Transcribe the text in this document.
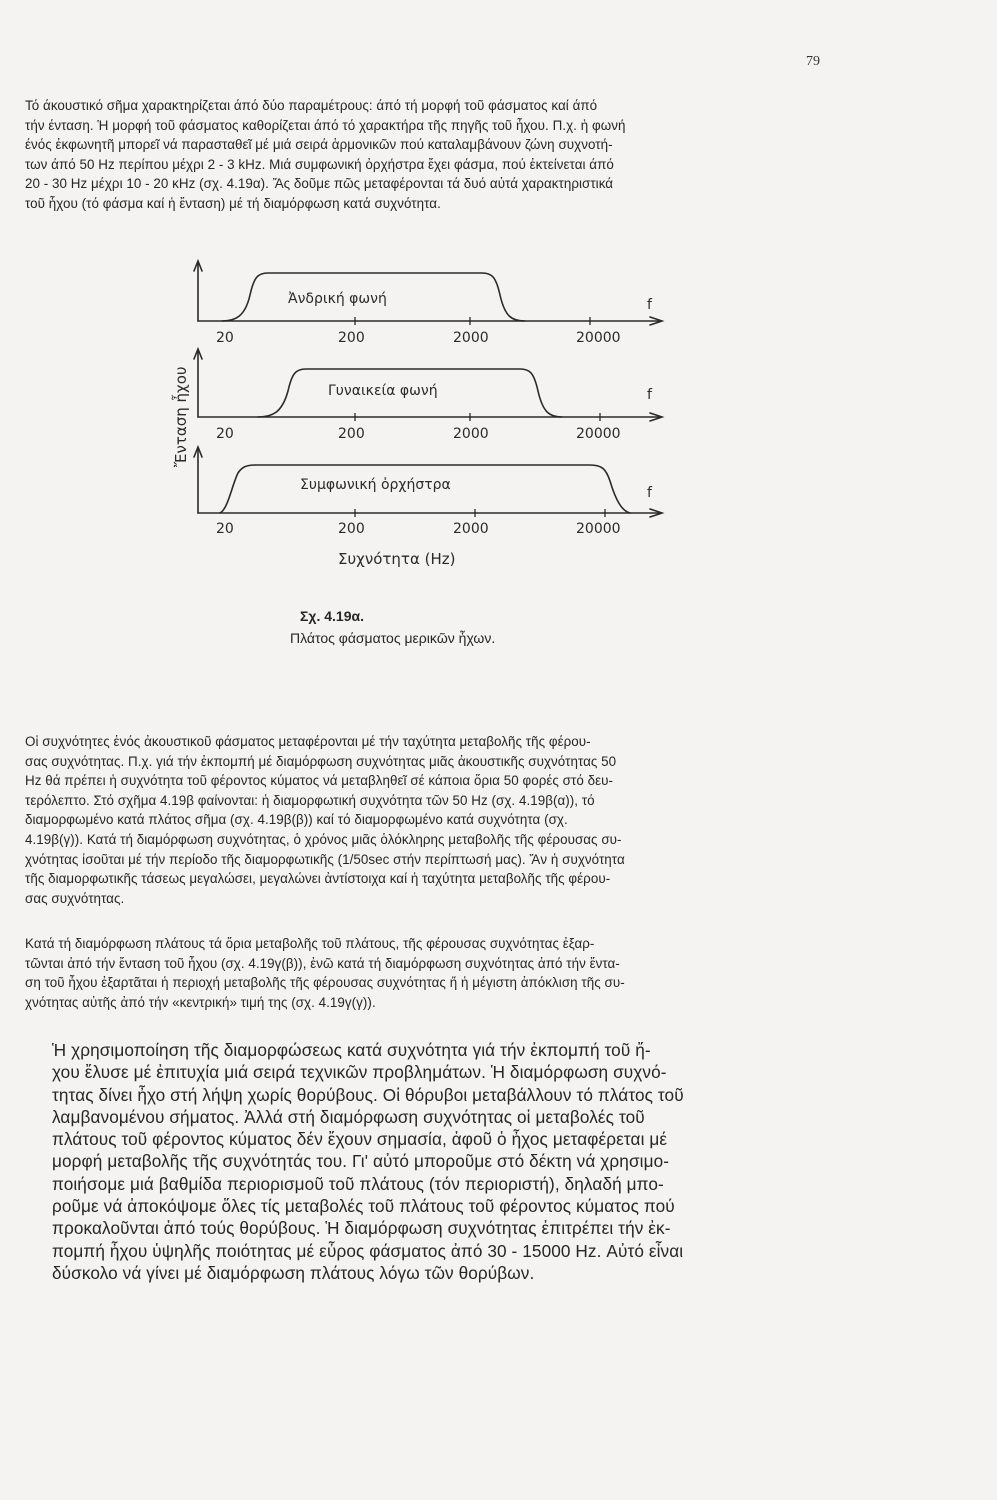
79

Τό άκουστικό σῆμα χαρακτηρίζεται άπό δύο παραμέτρους: άπό τή μορφή τοῦ φάσματος καί άπό
τήν ένταση. Ἡ μορφή τοῦ φάσματος καθορίζεται άπό τό χαρακτήρα τῆς πηγῆς τοῦ ἦχου. Π.χ. ἡ φωνή
ένός ἐκφωνητῆ μπορεῖ νά παρασταθεῖ μέ μιά σειρά ἁρμονικῶν πού καταλαμβάνουν ζώνη συχνοτή-
των άπό 50 Hz περίπου μέχρι 2 - 3 kHz. Μιά συμφωνική ὀρχήστρα ἔχει φάσμα, πού ἐκτείνεται άπό
20 - 30 Hz μέχρι 10 - 20 κHz (σχ. 4.19α). Ἄς δοῦμε πῶς μεταφέρονται τά δυό αὐτά χαρακτηριστικά
τοῦ ἦχου (τό φάσμα καί ἡ ἔνταση) μέ τή διαμόρφωση κατά συχνότητα.

Ἀνδρική φωνή
Γυναικεία φωνή
Συμφωνική ὀρχήστρα
f
f
f
20	200	2000	20000
20	200	2000	20000
20	200	2000	20000
Ἔνταση ἦχου
Συχνότητα (Hz)
Σχ. 4.19α.
Πλάτος φάσματος μερικῶν ἦχων.

Οἱ συχνότητες ἑνός ἀκουστικοῦ φάσματος μεταφέρονται μέ τήν ταχύτητα μεταβολῆς τῆς φέρου-
σας συχνότητας. Π.χ. γιά τήν ἐκπομπή μέ διαμόρφωση συχνότητας μιᾶς ἀκουστικῆς συχνότητας 50
Hz θά πρέπει ἡ συχνότητα τοῦ φέροντος κύματος νά μεταβληθεῖ σέ κάποια ὅρια 50 φορές στό δευ-
τερόλεπτο. Στό σχῆμα 4.19β φαίνονται: ἡ διαμορφωτική συχνότητα τῶν 50 Hz (σχ. 4.19β(α)), τό
διαμορφωμένο κατά πλάτος σῆμα (σχ. 4.19β(β)) καί τό διαμορφωμένο κατά συχνότητα (σχ.
4.19β(γ)). Κατά τή διαμόρφωση συχνότητας, ὁ χρόνος μιᾶς ὁλόκληρης μεταβολῆς τῆς φέρουσας συ-
χνότητας ἰσοῦται μέ τήν περίοδο τῆς διαμορφωτικῆς (1/50sec στήν περίπτωσή μας). Ἄν ἡ συχνότητα
τῆς διαμορφωτικῆς τάσεως μεγαλώσει, μεγαλώνει ἀντίστοιχα καί ἡ ταχύτητα μεταβολῆς τῆς φέρου-
σας συχνότητας.

Κατά τή διαμόρφωση πλάτους τά ὅρια μεταβολῆς τοῦ πλάτους, τῆς φέρουσας συχνότητας ἐξαρ-
τῶνται ἀπό τήν ἔνταση τοῦ ἦχου (σχ. 4.19γ(β)), ἐνῶ κατά τή διαμόρφωση συχνότητας ἀπό τήν ἔντα-
ση τοῦ ἦχου ἐξαρτᾶται ἡ περιοχή μεταβολῆς τῆς φέρουσας συχνότητας ἤ ἡ μέγιστη ἀπόκλιση τῆς συ-
χνότητας αὐτῆς ἀπό τήν «κεντρική» τιμή της (σχ. 4.19γ(γ)).

Ἡ χρησιμοποίηση τῆς διαμορφώσεως κατά συχνότητα γιά τήν ἐκπομπή τοῦ ἤ-
χου ἔλυσε μέ ἐπιτυχία μιά σειρά τεχνικῶν προβλημάτων. Ἡ διαμόρφωση συχνό-
τητας δίνει ἦχο στή λήψη χωρίς θορύβους. Οἱ θόρυβοι μεταβάλλουν τό πλάτος τοῦ
λαμβανομένου σήματος. Ἀλλά στή διαμόρφωση συχνότητας οἱ μεταβολές τοῦ
πλάτους τοῦ φέροντος κύματος δέν ἔχουν σημασία, ἀφοῦ ὁ ἦχος μεταφέρεται μέ
μορφή μεταβολῆς τῆς συχνότητάς του. Γι' αὐτό μποροῦμε στό δέκτη νά χρησιμο-
ποιήσομε μιά βαθμίδα περιορισμοῦ τοῦ πλάτους (τόν περιοριστή), δηλαδή μπο-
ροῦμε νά ἀποκόψομε ὅλες τίς μεταβολές τοῦ πλάτους τοῦ φέροντος κύματος πού
προκαλοῦνται ἀπό τούς θορύβους. Ἡ διαμόρφωση συχνότητας ἐπιτρέπει τήν ἐκ-
πομπή ἦχου ὑψηλῆς ποιότητας μέ εὖρος φάσματος ἀπό 30 - 15000 Hz. Αὐτό εἶναι
δύσκολο νά γίνει μέ διαμόρφωση πλάτους λόγω τῶν θορύβων.
